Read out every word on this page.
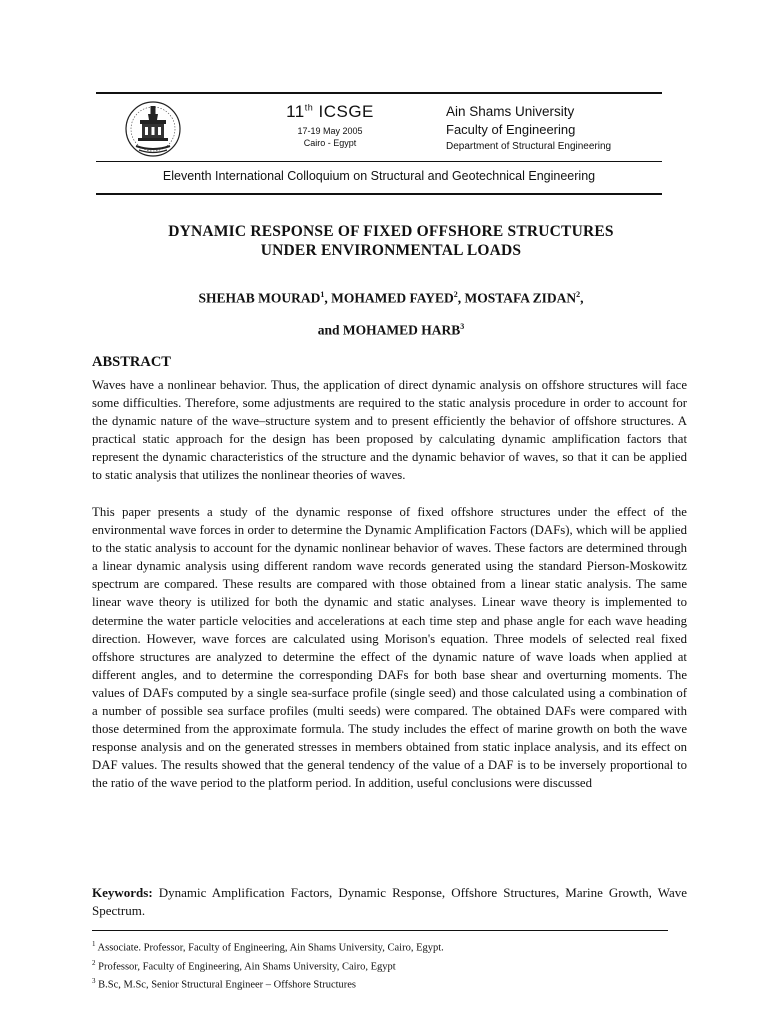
11th ICSGE
17-19 May 2005
Cairo - Egypt
Ain Shams University
Faculty of Engineering
Department of Structural Engineering
Eleventh International Colloquium on Structural and Geotechnical Engineering
DYNAMIC RESPONSE OF FIXED OFFSHORE STRUCTURES
UNDER ENVIRONMENTAL LOADS
SHEHAB MOURAD$^1$, MOHAMED FAYED$^2$, MOSTAFA ZIDAN$^2$,
and MOHAMED HARB$^3$
ABSTRACT
Waves have a nonlinear behavior. Thus, the application of direct dynamic analysis on offshore structures will face some difficulties. Therefore, some adjustments are required to the static analysis procedure in order to account for the dynamic nature of the wave–structure system and to present efficiently the behavior of offshore structures. A practical static approach for the design has been proposed by calculating dynamic amplification factors that represent the dynamic characteristics of the structure and the dynamic behavior of waves, so that it can be applied to static analysis that utilizes the nonlinear theories of waves.
This paper presents a study of the dynamic response of fixed offshore structures under the effect of the environmental wave forces in order to determine the Dynamic Amplification Factors (DAFs), which will be applied to the static analysis to account for the dynamic nonlinear behavior of waves. These factors are determined through a linear dynamic analysis using different random wave records generated using the standard Pierson-Moskowitz spectrum are compared. These results are compared with those obtained from a linear static analysis. The same linear wave theory is utilized for both the dynamic and static analyses. Linear wave theory is implemented to determine the water particle velocities and accelerations at each time step and phase angle for each wave heading direction. However, wave forces are calculated using Morison's equation. Three models of selected real fixed offshore structures are analyzed to determine the effect of the dynamic nature of wave loads when applied at different angles, and to determine the corresponding DAFs for both base shear and overturning moments. The values of DAFs computed by a single sea-surface profile (single seed) and those calculated using a combination of a number of possible sea surface profiles (multi seeds) were compared. The obtained DAFs were compared with those determined from the approximate formula. The study includes the effect of marine growth on both the wave response analysis and on the generated stresses in members obtained from static inplace analysis, and its effect on DAF values. The results showed that the general tendency of the value of a DAF is to be inversely proportional to the ratio of the wave period to the platform period. In addition, useful conclusions were discussed
Keywords: Dynamic Amplification Factors, Dynamic Response, Offshore Structures, Marine Growth, Wave Spectrum.
$^1$ Associate. Professor, Faculty of Engineering, Ain Shams University, Cairo, Egypt.
$^2$ Professor, Faculty of Engineering, Ain Shams University, Cairo, Egypt
$^3$ B.Sc, M.Sc, Senior Structural Engineer – Offshore Structures
